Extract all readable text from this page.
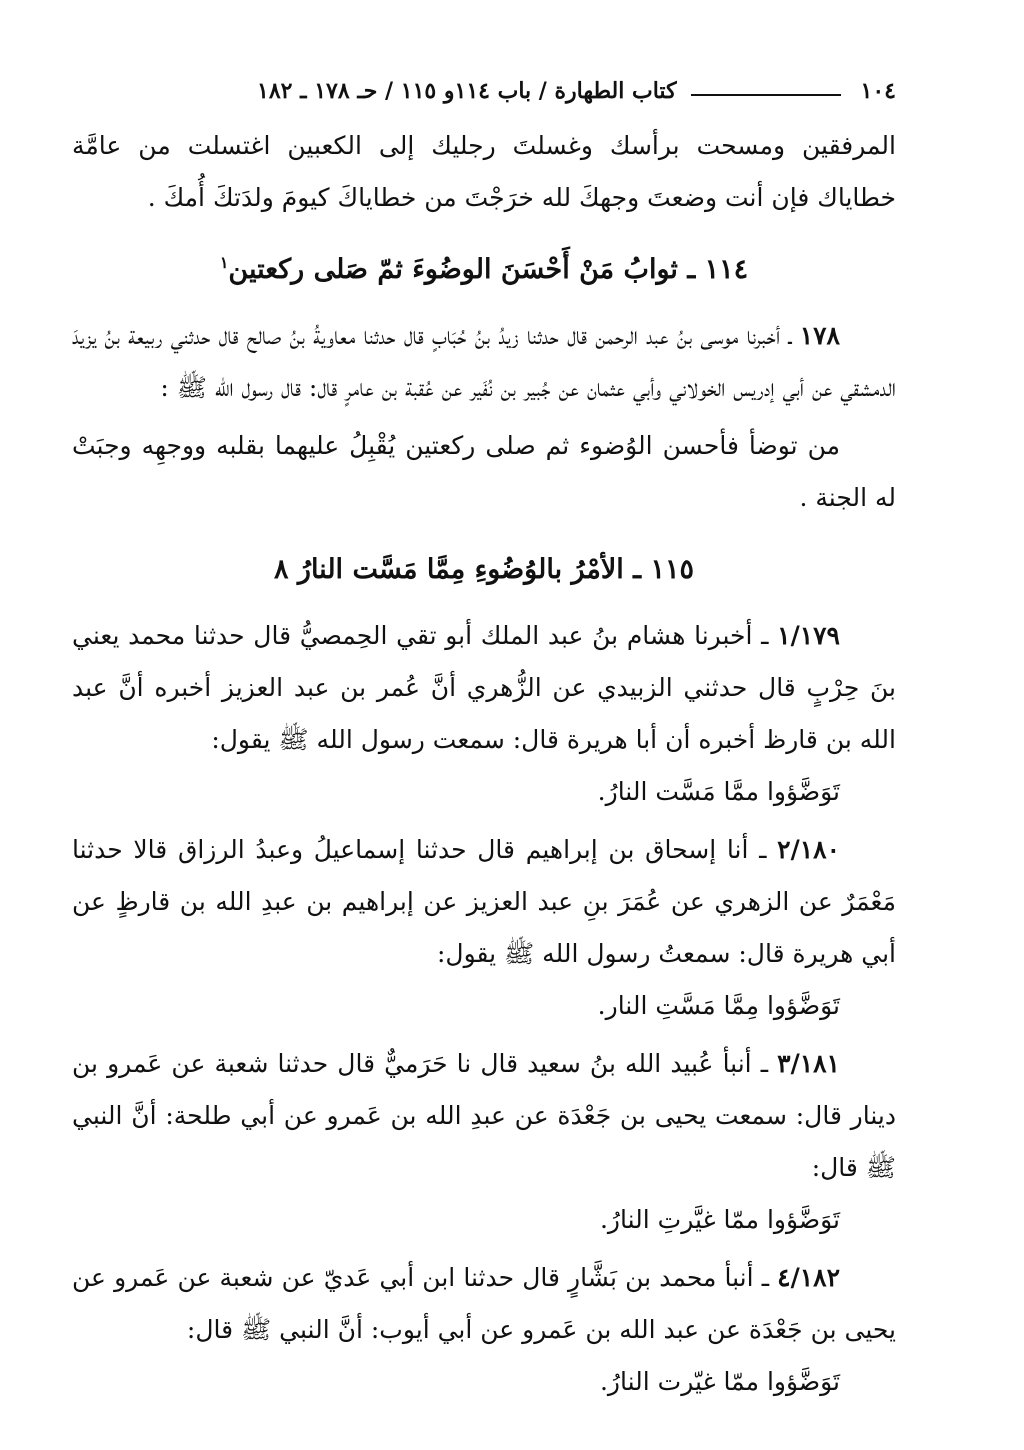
١٠٤
كتاب الطهارة / باب ١١٤و ١١٥ / حـ ١٧٨ ـ ١٨٢

المرفقين ومسحت برأسك وغسلتَ رجليك إلى الكعبين اغتسلت من عامَّة خطاياك فإن أنت وضعتَ وجهكَ لله خرَجْتَ من خطاياكَ كيومَ ولدَتكَ أُمكَ .

١١٤ ـ ثوابُ مَنْ أَحْسَنَ الوضُوءَ ثمّ صَلى ركعتين$^١$

١٧٨ ـ أخبرنا موسى بنُ عبد الرحمن قال حدثنا زيدُ بنُ حُبَابٍ قال حدثنا معاويةُ بنُ صالح قال حدثني ربيعة بنُ يزيدَ الدمشقي عن أبي إدريس الخولاني وأبي عثمان عن جُبير بن نُفَير عن عُقبة بن عامرٍ قال: قال رسول الله ﷺ :

من توضأ فأحسن الوُضوء ثم صلى ركعتين يُقْبِلُ عليهما بقلبه ووجهِه وجبَتْ له الجنة .

١١٥ ـ الأمْرُ بالوُضُوءِ مِمَّا مَسَّت النارُ ٨

١/١٧٩ ـ أخبرنا هشام بنُ عبد الملك أبو تقي الحِمصيُّ قال حدثنا محمد يعني بنَ حِرْبٍ قال حدثني الزبيدي عن الزُّهري أنَّ عُمر بن عبد العزيز أخبره أنَّ عبد الله بن قارظ أخبره أن أبا هريرة قال: سمعت رسول الله ﷺ يقول:

تَوَضَّؤوا ممَّا مَسَّت النارُ.

٢/١٨٠ ـ أنا إسحاق بن إبراهيم قال حدثنا إسماعيلُ وعبدُ الرزاق قالا حدثنا مَعْمَرٌ عن الزهري عن عُمَرَ بنِ عبد العزيز عن إبراهيم بن عبدِ الله بن قارظٍ عن أبي هريرة قال: سمعتُ رسول الله ﷺ يقول:

تَوَضَّؤوا مِمَّا مَسَّتِ النار.

٣/١٨١ ـ أنبأ عُبيد الله بنُ سعيد قال نا حَرَميٌّ قال حدثنا شعبة عن عَمرو بن دينار قال: سمعت يحيى بن جَعْدَة عن عبدِ الله بن عَمرو عن أبي طلحة: أنَّ النبي ﷺ قال:

تَوَضَّؤوا ممّا غيَّرتِ النارُ.

٤/١٨٢ ـ أنبأ محمد بن بَشَّارٍ قال حدثنا ابن أبي عَديّ عن شعبة عن عَمرو عن يحيى بن جَعْدَة عن عبد الله بن عَمرو عن أبي أيوب: أنَّ النبي ﷺ قال:

تَوَضَّؤوا ممّا غيّرت النارُ.
